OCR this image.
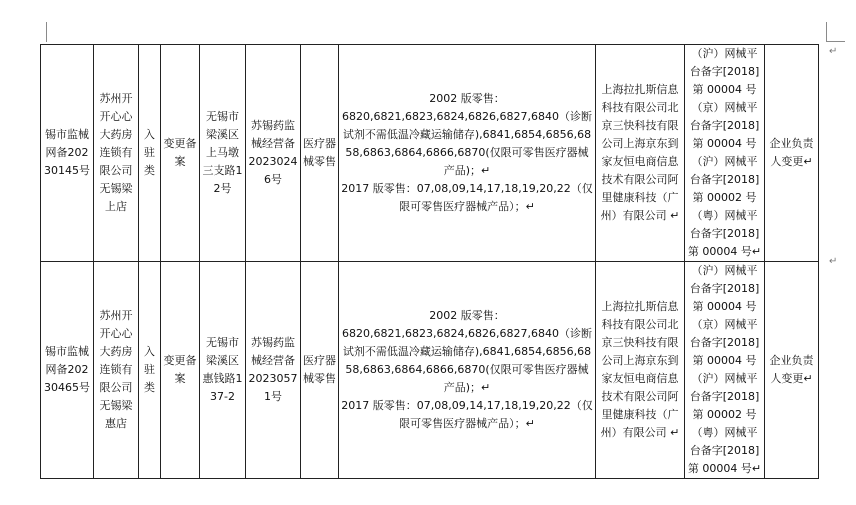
锡市监械网备20230145号	苏州开开心心大药房连锁有限公司无锡梁上店	入驻类	变更备案	无锡市梁溪区上马墩三支路12号	苏锡药监械经营备20230246号	医疗器械零售	2002 版零售：
6820,6821,6823,6824,6826,6827,6840（诊断试剂不需低温冷藏运输储存),6841,6854,6856,6858,6863,6864,6866,6870(仅限可零售医疗器械产品)；↵
2017 版零售：07,08,09,14,17,18,19,20,22（仅限可零售医疗器械产品）；↵	上海拉扎斯信息科技有限公司北京三快科技有限公司上海京东到家友恒电商信息技术有限公司阿里健康科技（广州）有限公司 ↵	（沪）网械平台备字[2018]第 00004 号（京）网械平台备字[2018]第 00004 号（沪）网械平台备字[2018]第 00002 号（粤）网械平台备字[2018]第 00004 号↵	企业负责人变更↵
锡市监械网备20230465号	苏州开开心心大药房连锁有限公司无锡梁惠店	入驻类	变更备案	无锡市梁溪区惠钱路137-2	苏锡药监械经营备20230571号	医疗器械零售	2002 版零售：
6820,6821,6823,6824,6826,6827,6840（诊断试剂不需低温冷藏运输储存),6841,6854,6856,6858,6863,6864,6866,6870(仅限可零售医疗器械产品)；↵
2017 版零售：07,08,09,14,17,18,19,20,22（仅限可零售医疗器械产品）；↵	上海拉扎斯信息科技有限公司北京三快科技有限公司上海京东到家友恒电商信息技术有限公司阿里健康科技（广州）有限公司 ↵	（沪）网械平台备字[2018]第 00004 号（京）网械平台备字[2018]第 00004 号（沪）网械平台备字[2018]第 00002 号（粤）网械平台备字[2018]第 00004 号↵	企业负责人变更↵
↵
↵
